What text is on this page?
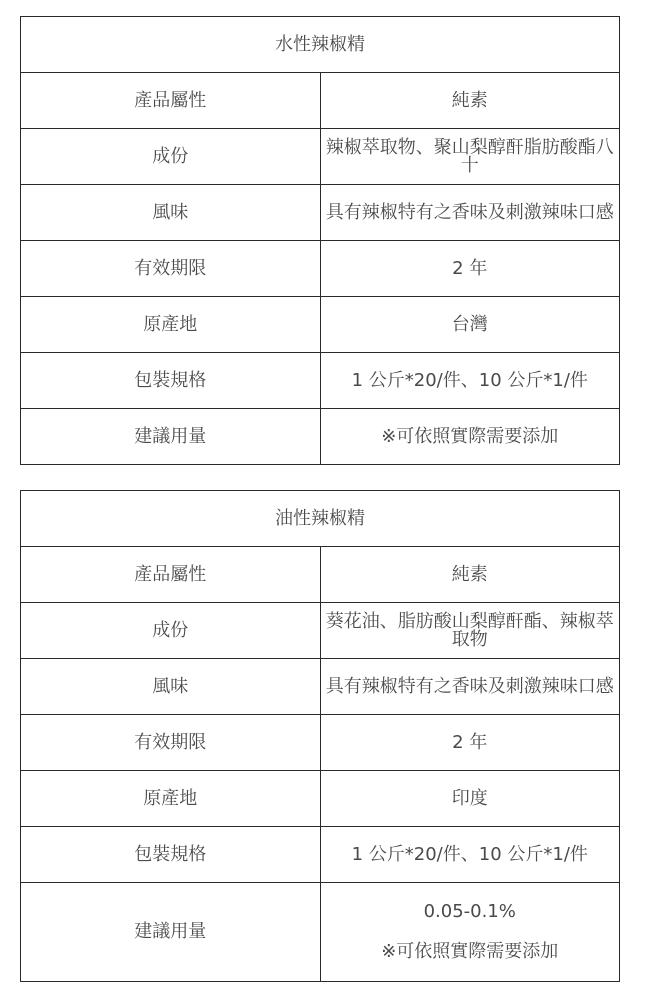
水性辣椒精	
產品屬性	純素
成份	辣椒萃取物、聚山梨醇酐脂肪酸酯八十
風味	具有辣椒特有之香味及刺激辣味口感
有效期限	2 年
原產地	台灣
包裝規格	1 公斤*20/件、10 公斤*1/件
建議用量	※可依照實際需要添加
油性辣椒精	
產品屬性	純素
成份	葵花油、脂肪酸山梨醇酐酯、辣椒萃取物
風味	具有辣椒特有之香味及刺激辣味口感
有效期限	2 年
原產地	印度
包裝規格	1 公斤*20/件、10 公斤*1/件
建議用量	0.05-0.1%
※可依照實際需要添加
